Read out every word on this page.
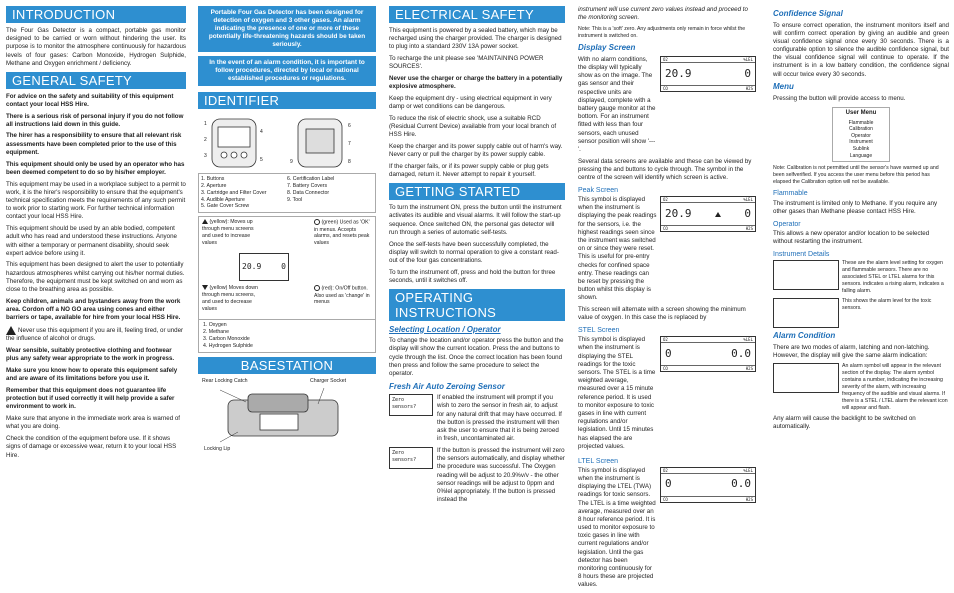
INTRODUCTION

The Four Gas Detector is a compact, portable gas monitor designed to be carried or worn without hindering the user. Its purpose is to monitor the atmosphere continuously for hazardous levels of four gases: Carbon Monoxide, Hydrogen Sulphide, Methane and Oxygen enrichment / deficiency.

GENERAL SAFETY

For advice on the safety and suitability of this equipment contact your local HSS Hire.

There is a serious risk of personal injury if you do not follow all instructions laid down in this guide.

The hirer has a responsibility to ensure that all relevant risk assessments have been completed prior to the use of this equipment.

This equipment should only be used by an operator who has been deemed competent to do so by his/her employer.

This equipment may be used in a workplace subject to a permit to work, it is the hirer's responsibility to ensure that the equipment's technical specification meets the requirements of any such permit to work prior to starting work. For further technical information contact your local HSS Hire.

This equipment should be used by an able bodied, competent adult who has read and understood these instructions. Anyone with either a temporary or permanent disability, should seek expert advice before using it.

This equipment has been designed to alert the user to potentially hazardous atmospheres whilst carrying out his/her normal duties. Therefore, the equipment must be kept switched on and worn as close to the breathing area as possible.

Keep children, animals and bystanders away from the work area. Cordon off a NO GO area using cones and either barriers or tape, available for hire from your local HSS Hire.

Never use this equipment if you are ill, feeling tired, or under the influence of alcohol or drugs.

Wear sensible, suitably protective clothing and footwear plus any safety wear appropriate to the work in progress.

Make sure you know how to operate this equipment safely and are aware of its limitations before you use it.

Remember that this equipment does not guarantee life protection but if used correctly it will help provide a safer environment to work in.

Make sure that anyone in the immediate work area is warned of what you are doing.

Check the condition of the equipment before use. If it shows signs of damage or excessive wear, return it to your local HSS Hire.

Portable Four Gas Detector has been designed for detection of oxygen and 3 other gases. An alarm indicating the presence of one or more of these potentially life-threatening hazards should be taken seriously.
In the event of an alarm condition, it is important to follow procedures, directed by local or national established procedures or regulations.
IDENTIFIER
1
2
3
4
5
6
7
8
9
1. Buttons
2. Aperture
3. Cartridge and Filter Cover
4. Audible Aperture
5. Gate Cover Screw
6. Certification Label
7. Battery Covers
8. Data Connector
9. Tool
(yellow): Moves up through menu screens and used to increase values
(green) Used as 'OK' in menus. Accepts alarms, and resets peak values
20.9 0
(yellow) Moves down through menu screens, and used to decrease values
(red): On/Off button. Also used as 'change' in menus
1. Oxygen
2. Methane
3. Carbon Monoxide
4. Hydrogen Sulphide
BASESTATION
Rear Locking Catch	Charger Socket
Locking Lip
ELECTRICAL SAFETY

This equipment is powered by a sealed battery, which may be recharged using the charger provided. The charger is designed to plug into a standard 230V 13A power socket.

To recharge the unit please see 'MAINTAINING POWER SOURCES'.

Never use the charger or charge the battery in a potentially explosive atmosphere.

Keep the equipment dry - using electrical equipment in very damp or wet conditions can be dangerous.

To reduce the risk of electric shock, use a suitable RCD (Residual Current Device) available from your local branch of HSS Hire.

Keep the charger and its power supply cable out of harm's way. Never carry or pull the charger by its power supply cable.

If the charger fails, or if its power supply cable or plug gets damaged, return it. Never attempt to repair it yourself.

GETTING STARTED

To turn the instrument ON, press the button until the instrument activates its audible and visual alarms. It will follow the start-up sequence. Once switched ON, the personal gas detector will run through a series of automatic self-tests.

Once the self-tests have been successfully completed, the display will switch to normal operation to give a constant read-out of the four gas concentrations.

To turn the instrument off, press and hold the button for three seconds, until it switches off.

OPERATING INSTRUCTIONS
Selecting Location / Operator

To change the location and/or operator press the button and the display will show the current location. Press the and buttons to cycle through the list. Once the correct location has been found then press and follow the same procedure to select the operator.

Fresh Air Auto Zeroing Sensor
Zero sensors?

If enabled the instrument will prompt if you wish to zero the sensor in fresh air, to adjust for any natural drift that may have occurred. If the button is pressed the instrument will then ask the user to ensure that it is being zeroed in fresh, uncontaminated air.

Zero sensors?

If the button is pressed the instrument will zero the sensors automatically, and display whether the procedure was successful. The Oxygen reading will be adjust to 20.9%v/v - the other sensor readings will be adjust to 0ppm and 0%lel appropriately. If the button is pressed instead the

instrument will use current zero values instead and proceed to the monitoring screen.

Note: This is a 'soft' zero. Any adjustments only remain in force whilst the instrument is switched on.

Display Screen

With no alarm conditions, the display will typically show as on the image. The gas sensor and their respective units are displayed, complete with a battery gauge monitor at the bottom. For an instrument fitted with less than four sensors, each unused sensor position will show '---'.

O2	%LEL
20.9	0
CO	H2S

Several data screens are available and these can be viewed by pressing the and buttons to cycle through. The symbol in the centre of the screen will identify which screen is active.

Peak Screen

This symbol is displayed when the instrument is displaying the peak readings for the sensors, i.e. the highest readings seen since the instrument was switched on or since they were reset. This is useful for pre-entry checks for confined space entry. These readings can be reset by pressing the button whilst this display is shown.

O2	%LEL
20.9	0
CO	H2S

This screen will alternate with a screen showing the minimum value of oxygen. In this case the is replaced by

STEL Screen

This symbol is displayed when the instrument is displaying the STEL readings for the toxic sensors. The STEL is a time weighted average, measured over a 15 minute reference period. It is used to monitor exposure to toxic gases in line with current regulations and/or legislation. Until 15 minutes has elapsed the are projected values.

O2	%LEL
0	0.0
CO	H2S
LTEL Screen

This symbol is displayed when the instrument is displaying the LTEL (TWA) readings for toxic sensors. The LTEL is a time weighted average, measured over an 8 hour reference period. It is used to monitor exposure to toxic gases in line with current regulations and/or legislation. Until the gas detector has been monitoring continuously for 8 hours these are projected values.

O2	%LEL
0	0.0
CO	H2S
Confidence Signal

To ensure correct operation, the instrument monitors itself and will confirm correct operation by giving an audible and green visual confidence signal once every 30 seconds. There is a configurable option to silence the audible confidence signal, but the visual confidence signal will continue to operate. If the instrument is in a low battery condition, the confidence signal will occur twice every 30 seconds.

Menu

Pressing the button will provide access to menu.

User Menu
Flammable
Calibration
Operator
Instrument
Sublink
Language

Note: Calibration is not permitted until the sensor's have warmed up and been selfverified. If you access the user menu before this period has elapsed the Calibration option will not be available.

Flammable

The instrument is limited only to Methane. If you require any other gases than Methane please contact HSS Hire.

Operator

This allows a new operator and/or location to be selected without restarting the instrument.

Instrument Details

These are the alarm level setting for oxygen and flammable sensors. There are no associated STEL or LTEL alarms for this sensors. indicates a rising alarm, indicates a falling alarm.

This shows the alarm level for the toxic sensors.

Alarm Condition

There are two modes of alarm, latching and non-latching. However, the display will give the same alarm indication:

An alarm symbol will appear in the relevant section of the display. The alarm symbol contains a number, indicating the increasing severity of the alarm, with increasing frequency of the audible and visual alarms. If there is a STEL / LTEL alarm the relevant icon will appear and flash.

Any alarm will cause the backlight to be switched on automatically.
